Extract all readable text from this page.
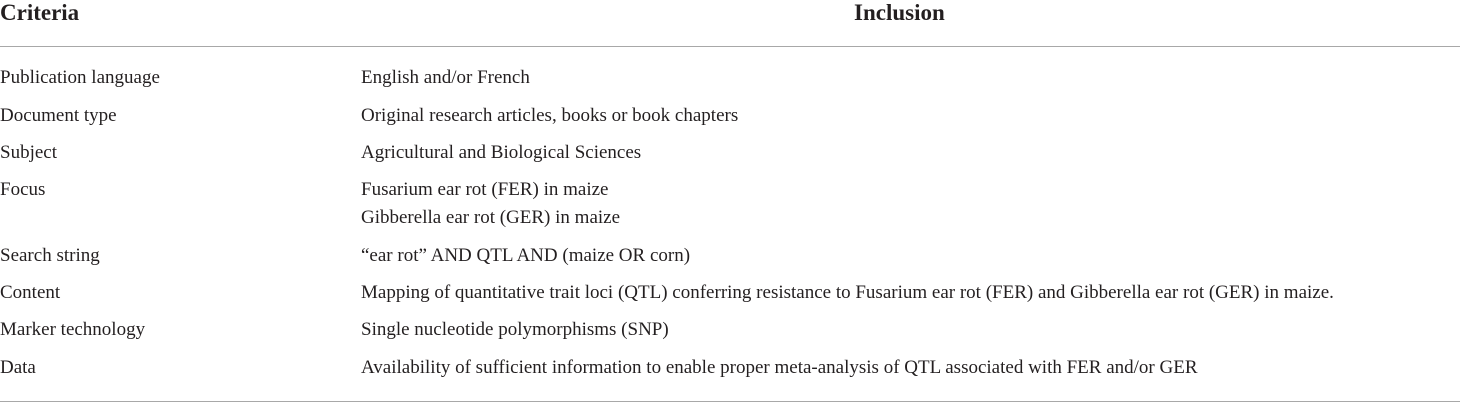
Criteria	Inclusion
Publication language	English and/or French
Document type	Original research articles, books or book chapters
Subject	Agricultural and Biological Sciences
Focus	Fusarium ear rot (FER) in maize
Gibberella ear rot (GER) in maize
Search string	“ear rot” AND QTL AND (maize OR corn)
Content	Mapping of quantitative trait loci (QTL) conferring resistance to Fusarium ear rot (FER) and Gibberella ear rot (GER) in maize.
Marker technology	Single nucleotide polymorphisms (SNP)
Data	Availability of sufficient information to enable proper meta-analysis of QTL associated with FER and/or GER
